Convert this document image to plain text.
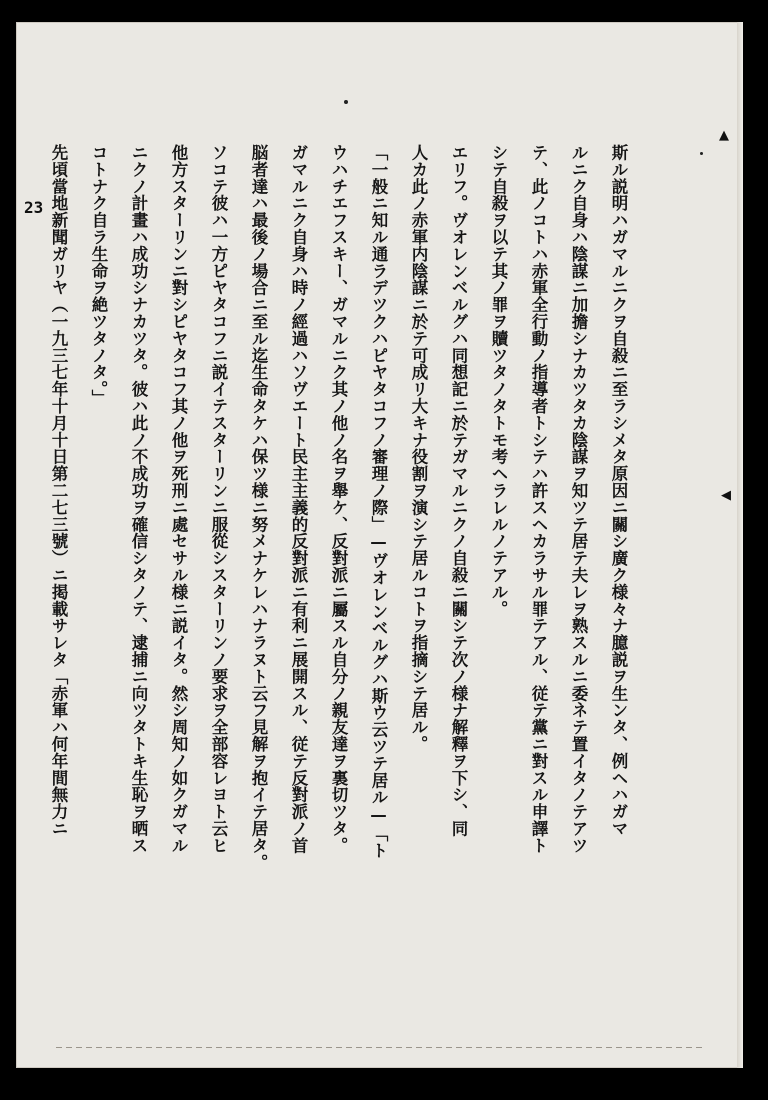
23
▲
◀
斯ル説明ハガマルニクヲ自殺ニ至ラシメタ原因ニ關シ廣ク様々ナ臆説ヲ生ンタ、例ヘハガマ
ルニク自身ハ陰謀ニ加擔シナカツタカ陰謀ヲ知ツテ居テ夫レヲ熟スルニ委ネテ置イタノテアツ
テ、此ノコトハ赤軍全行動ノ指導者トシテハ許スヘカラサル罪テアル、従テ黨ニ對スル申譯ト
シテ自殺ヲ以テ其ノ罪ヲ贖ツタノタトモ考ヘラレルノテアル。
エリフ。ヴオレンベルグハ同想記ニ於テガマルニクノ自殺ニ關シテ次ノ様ナ解釋ヲ下シ、同
人カ此ノ赤軍内陰謀ニ於テ可成リ大キナ役割ヲ演シテ居ルコトヲ指摘シテ居ル。
「一般ニ知ル通ラデツクハピヤタコフノ審理ノ際」—ヴオレンベルグハ斯ウ云ツテ居ル—「ト
ウハチエフスキー、ガマルニク其ノ他ノ名ヲ舉ケ、反對派ニ屬スル自分ノ親友達ヲ裏切ツタ。
ガマルニク自身ハ時ノ經過ハソヴエート民主主義的反對派ニ有利ニ展開スル、従テ反對派ノ首
脳者達ハ最後ノ場合ニ至ル迄生命タケハ保ツ様ニ努メナケレハナラヌト云フ見解ヲ抱イテ居タ。
ソコテ彼ハ一方ピヤタコフニ説イテスターリンニ服從シスターリンノ要求ヲ全部容レヨト云ヒ
他方スターリンニ對シピヤタコフ其ノ他ヲ死刑ニ處セサル様ニ説イタ。然シ周知ノ如クガマル
ニクノ計畫ハ成功シナカツタ。彼ハ此ノ不成功ヲ確信シタノテ、逮捕ニ向ツタトキ生恥ヲ晒ス
コトナク自ラ生命ヲ絶ツタノタ。」
先頃當地新聞ガリヤ（一九三七年十月十日第二七三號）ニ掲載サレタ「赤軍ハ何年間無力ニ
